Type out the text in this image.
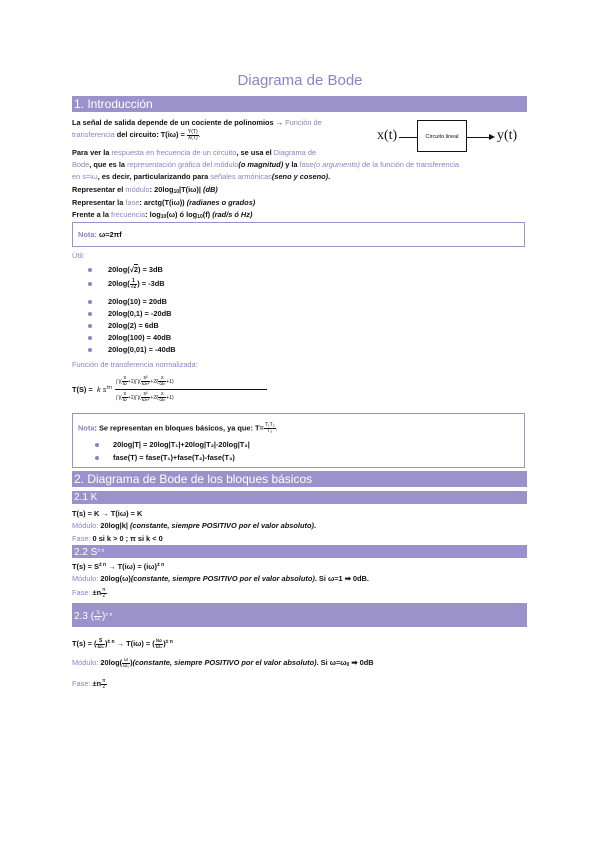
Diagrama de Bode
1. Introducción
La señal de salida depende de un cociente de polinomios → Función de
transferencia del circuito: $T(i\omega) = \frac{Y(T)}{X(T)}$ .	x(t)	Circuito lineal	y(t)
Para ver la respuesta en frecuencia de un circuito, se usa el Diagrama de
Bode, que es la representación gráfica del módulo(o magnitud) y la fase(o argumento) de la función de transferencia
en s=iω, es decir, particularizando para señales armónicas(seno y coseno).
Representar el módulo: $20\log_{10}|T(i\omega)|$ (dB)
Representar la fase: arctg(T(iω)) (radianes o grados)
Frente a la frecuencia: $\log_{10}(\omega)$ ó $\log_{10}(f)$ (rad/s ó Hz)
Nota: ω=2πf
Útil:
20log(√2) = 3dB
$20\log( \frac{1}{√2}$ ) = -3dB
20log(10) = 20dB
20log(0,1) = -20dB
20log(2) = 6dB
20log(100) = 40dB
20log(0,01) = -40dB
Función de transferencia normalizada:
T(S) = k $s^{\pm n}$
∏( $\frac{s}{\omega}$ +1)∏( $\frac{\text{s²}}{\text{ωₙ²}} +2\xi \frac{s}{\text{ωₙ}} +1$)
∏( $\frac{s}{\omega}$ +1)∏( $\frac{\text{s²}}{\text{ωₙ²}} +2\xi \frac{s}{\text{ωₙ}} +1$)
Nota: Se representan en bloques básicos, ya que: $T= \frac{\text{T₁T₂}}{\text{T₃}}$ .
20log|T| = 20log|T₁|+20log|T₂|-20log|T₃|
fase(T) = fase(T₁)+fase(T₂)-fase(T₃)
2. Diagrama de Bode de los bloques básicos
2.1 K
T(s) = K → T(iω) = K
Módulo: 20log|k| (constante, siempre POSITIVO por el valor absoluto).
Fase: 0 si k > 0 ; π si k < 0
2.2 $S^{\pm n}$
$T(s) = S^{\pm n} \to T(i\omega) = (i\omega)^{\pm n}$
Módulo: 20log(ω)(constante, siempre POSITIVO por el valor absoluto). Si ω=1 ➡ 0dB.
Fase: $\pm n \frac{\pi}{2}$
2.3 ( $\frac{S}{\text{ω₀}} )^{\pm n}$
T(s) = ( $\frac{S}{\text{ω₀}} )^{\pm n} \to T(i\omega)$ = ( $\frac{i\omega}{\text{ω₀}} )^{\pm n}$
Módulo: $20\log( \frac{\omega}{\text{ω₀}}$ )(constante, siempre POSITIVO por el valor absoluto). Si $\omega=\omega_0$ ➡ 0dB
Fase: $\pm n \frac{\pi}{2}$
